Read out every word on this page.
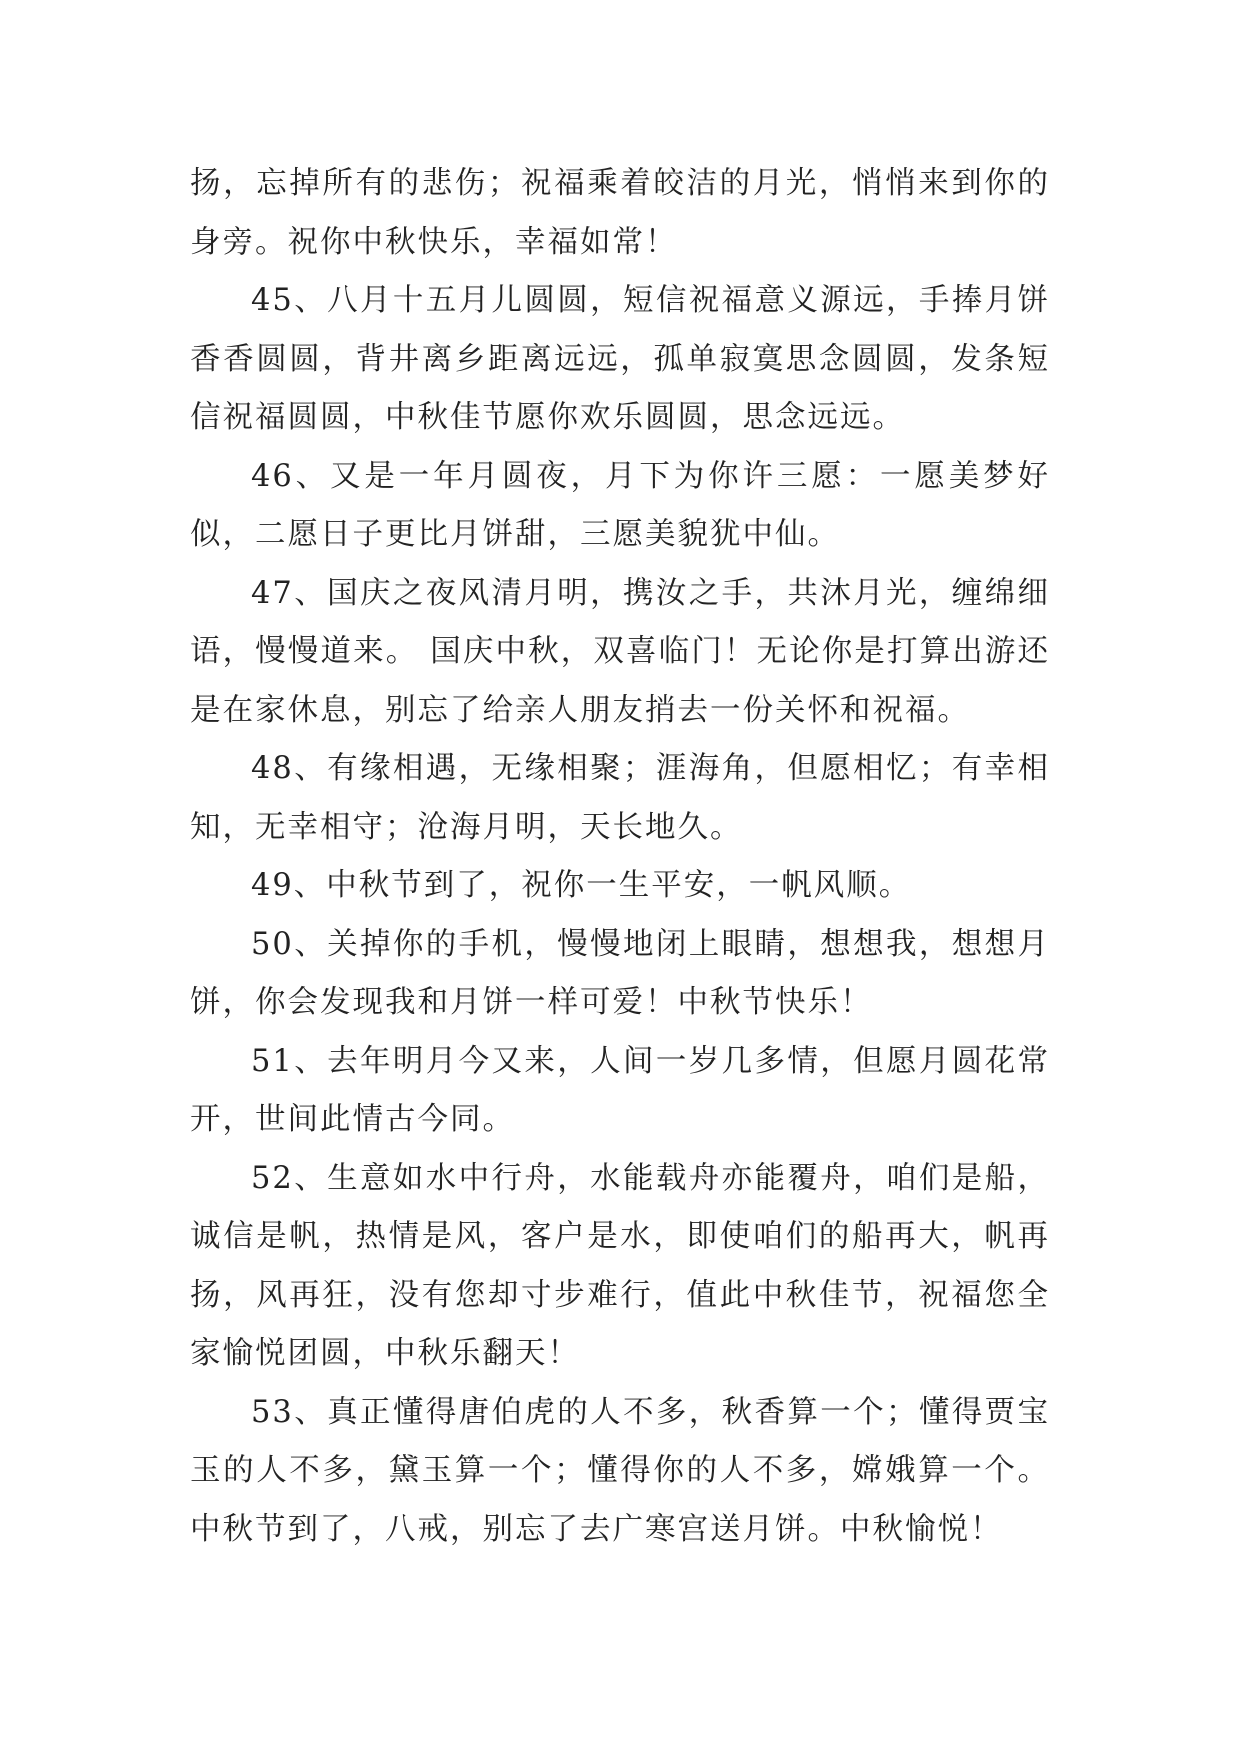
扬，忘掉所有的悲伤；祝福乘着皎洁的月光，悄悄来到你的身旁。祝你中秋快乐，幸福如常！

45、八月十五月儿圆圆，短信祝福意义源远，手捧月饼香香圆圆，背井离乡距离远远，孤单寂寞思念圆圆，发条短信祝福圆圆，中秋佳节愿你欢乐圆圆，思念远远。

46、又是一年月圆夜，月下为你许三愿：一愿美梦好似，二愿日子更比月饼甜，三愿美貌犹中仙。

47、国庆之夜风清月明，携汝之手，共沐月光，缠绵细语，慢慢道来。 国庆中秋，双喜临门！无论你是打算出游还是在家休息，别忘了给亲人朋友捎去一份关怀和祝福。

48、有缘相遇，无缘相聚；涯海角，但愿相忆；有幸相知，无幸相守；沧海月明，天长地久。

49、中秋节到了，祝你一生平安，一帆风顺。

50、关掉你的手机，慢慢地闭上眼睛，想想我，想想月饼，你会发现我和月饼一样可爱！中秋节快乐！

51、去年明月今又来，人间一岁几多情，但愿月圆花常开，世间此情古今同。

52、生意如水中行舟，水能载舟亦能覆舟，咱们是船，诚信是帆，热情是风，客户是水，即使咱们的船再大，帆再扬，风再狂，没有您却寸步难行，值此中秋佳节，祝福您全家愉悦团圆，中秋乐翻天！

53、真正懂得唐伯虎的人不多，秋香算一个；懂得贾宝玉的人不多，黛玉算一个；懂得你的人不多，嫦娥算一个。中秋节到了，八戒，别忘了去广寒宫送月饼。中秋愉悦！
